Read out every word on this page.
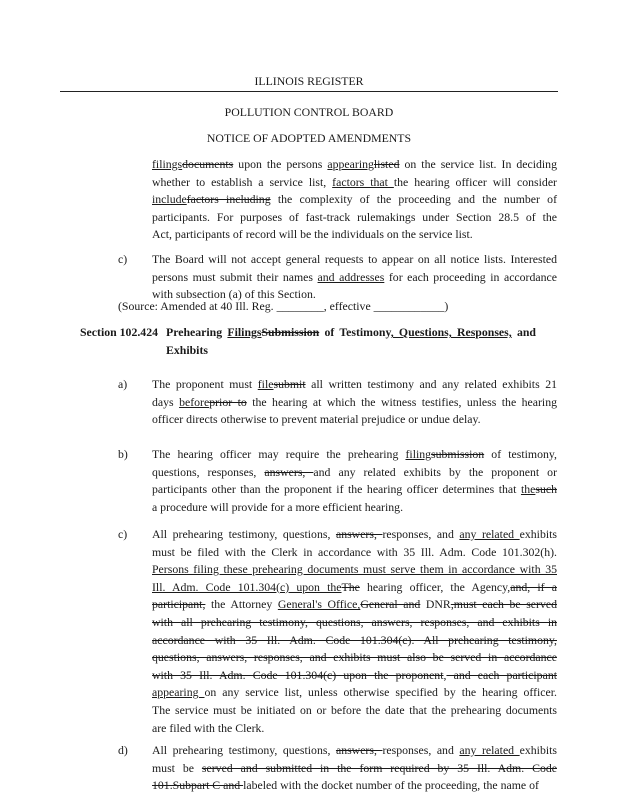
ILLINOIS REGISTER
POLLUTION CONTROL BOARD
NOTICE OF ADOPTED AMENDMENTS
filingsdocuments upon the persons appearinglisted on the service list. In deciding
whether to establish a service list, factors that the hearing officer will consider
includefactors including the complexity of the proceeding and the number of
participants. For purposes of fast-track rulemakings under Section 28.5 of the
Act, participants of record will be the individuals on the service list.
c) The Board will not accept general requests to appear on all notice lists. Interested
persons must submit their names and addresses for each proceeding in accordance
with subsection (a) of this Section.
(Source: Amended at 40 Ill. Reg. ________, effective ____________)
Section 102.424 Prehearing FilingsSubmission of Testimony, Questions, Responses, and
Exhibits
a) The proponent must filesubmit all written testimony and any related exhibits 21
days beforeprior to the hearing at which the witness testifies, unless the hearing
officer directs otherwise to prevent material prejudice or undue delay.
b) The hearing officer may require the prehearing filingsubmission of testimony,
questions, responses, answers, and any related exhibits by the proponent or
participants other than the proponent if the hearing officer determines that thesuch
a procedure will provide for a more efficient hearing.
c) All prehearing testimony, questions, answers, responses, and any related exhibits
must be filed with the Clerk in accordance with 35 Ill. Adm. Code 101.302(h).
Persons filing these prehearing documents must serve them in accordance with 35
Ill. Adm. Code 101.304(c) upon theThe hearing officer, the Agency,and, if a
participant, the Attorney General's Office,General and DNR,must each be served
with all prehearing testimony, questions, answers, responses, and exhibits in
accordance with 35 Ill. Adm. Code 101.304(c). All prehearing testimony,
questions, answers, responses, and exhibits must also be served in accordance
with 35 Ill. Adm. Code 101.304(c) upon the proponent, and each participant
appearing on any service list, unless otherwise specified by the hearing officer.
The service must be initiated on or before the date that the prehearing documents
are filed with the Clerk.
d) All prehearing testimony, questions, answers, responses, and any related exhibits
must be served and submitted in the form required by 35 Ill. Adm. Code
101.Subpart C and labeled with the docket number of the proceeding, the name of
